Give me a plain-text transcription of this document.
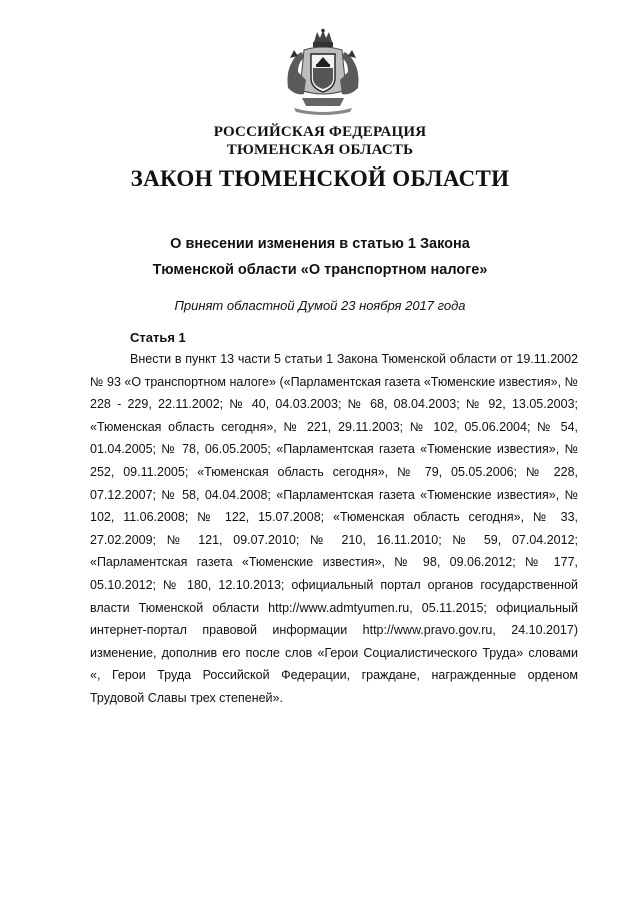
РОССИЙСКАЯ ФЕДЕРАЦИЯ
ТЮМЕНСКАЯ ОБЛАСТЬ
ЗАКОН ТЮМЕНСКОЙ ОБЛАСТИ
О внесении изменения в статью 1 Закона
Тюменской области «О транспортном налоге»
Принят областной Думой 23 ноября 2017 года
Статья 1

Внести в пункт 13 части 5 статьи 1 Закона Тюменской области от 19.11.2002 № 93 «О транспортном налоге» («Парламентская газета «Тюменские известия», № 228 - 229, 22.11.2002; № 40, 04.03.2003; № 68, 08.04.2003; № 92, 13.05.2003; «Тюменская область сегодня», № 221, 29.11.2003; № 102, 05.06.2004; № 54, 01.04.2005; № 78, 06.05.2005; «Парламентская газета «Тюменские известия», № 252, 09.11.2005; «Тюменская область сегодня», № 79, 05.05.2006; № 228, 07.12.2007; № 58, 04.04.2008; «Парламентская газета «Тюменские известия», № 102, 11.06.2008; № 122, 15.07.2008; «Тюменская область сегодня», № 33, 27.02.2009; № 121, 09.07.2010; № 210, 16.11.2010; № 59, 07.04.2012; «Парламентская газета «Тюменские известия», № 98, 09.06.2012; № 177, 05.10.2012; № 180, 12.10.2013; официальный портал органов государственной власти Тюменской области http://www.admtyumen.ru, 05.11.2015; официальный интернет-портал правовой информации http://www.pravo.gov.ru, 24.10.2017) изменение, дополнив его после слов «Герои Социалистического Труда» словами «, Герои Труда Российской Федерации, граждане, награжденные орденом Трудовой Славы трех степеней».
